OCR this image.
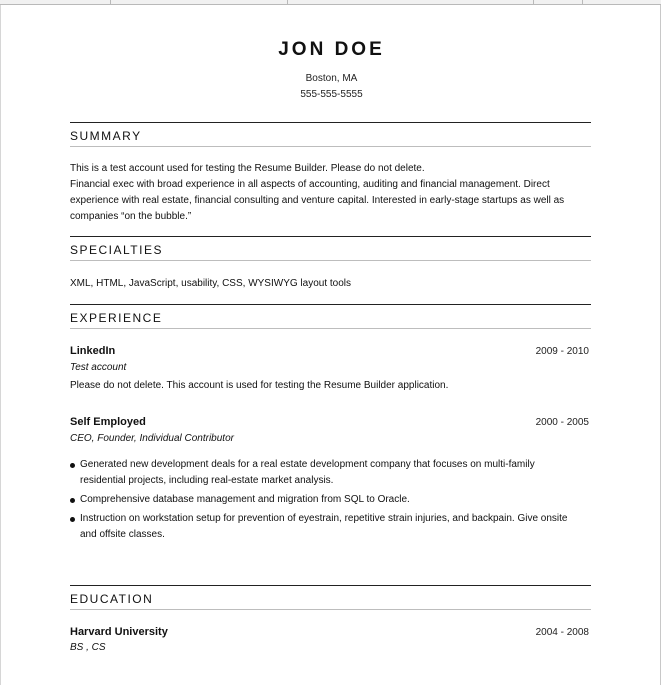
JON DOE
Boston, MA
555-555-5555
SUMMARY
This is a test account used for testing the Resume Builder. Please do not delete.
Financial exec with broad experience in all aspects of accounting, auditing and financial management. Direct
experience with real estate, financial consulting and venture capital. Interested in early-stage startups as well as
companies “on the bubble.”
SPECIALTIES
XML, HTML, JavaScript, usability, CSS, WYSIWYG layout tools
EXPERIENCE
LinkedIn	2009 - 2010
Test account
Please do not delete. This account is used for testing the Resume Builder application.
Self Employed	2000 - 2005
CEO, Founder, Individual Contributor
Generated new development deals for a real estate development company that focuses on multi-family
residential projects, including real-estate market analysis.
Comprehensive database management and migration from SQL to Oracle.
Instruction on workstation setup for prevention of eyestrain, repetitive strain injuries, and backpain. Give onsite
and offsite classes.
EDUCATION
Harvard University	2004 - 2008
BS , CS
